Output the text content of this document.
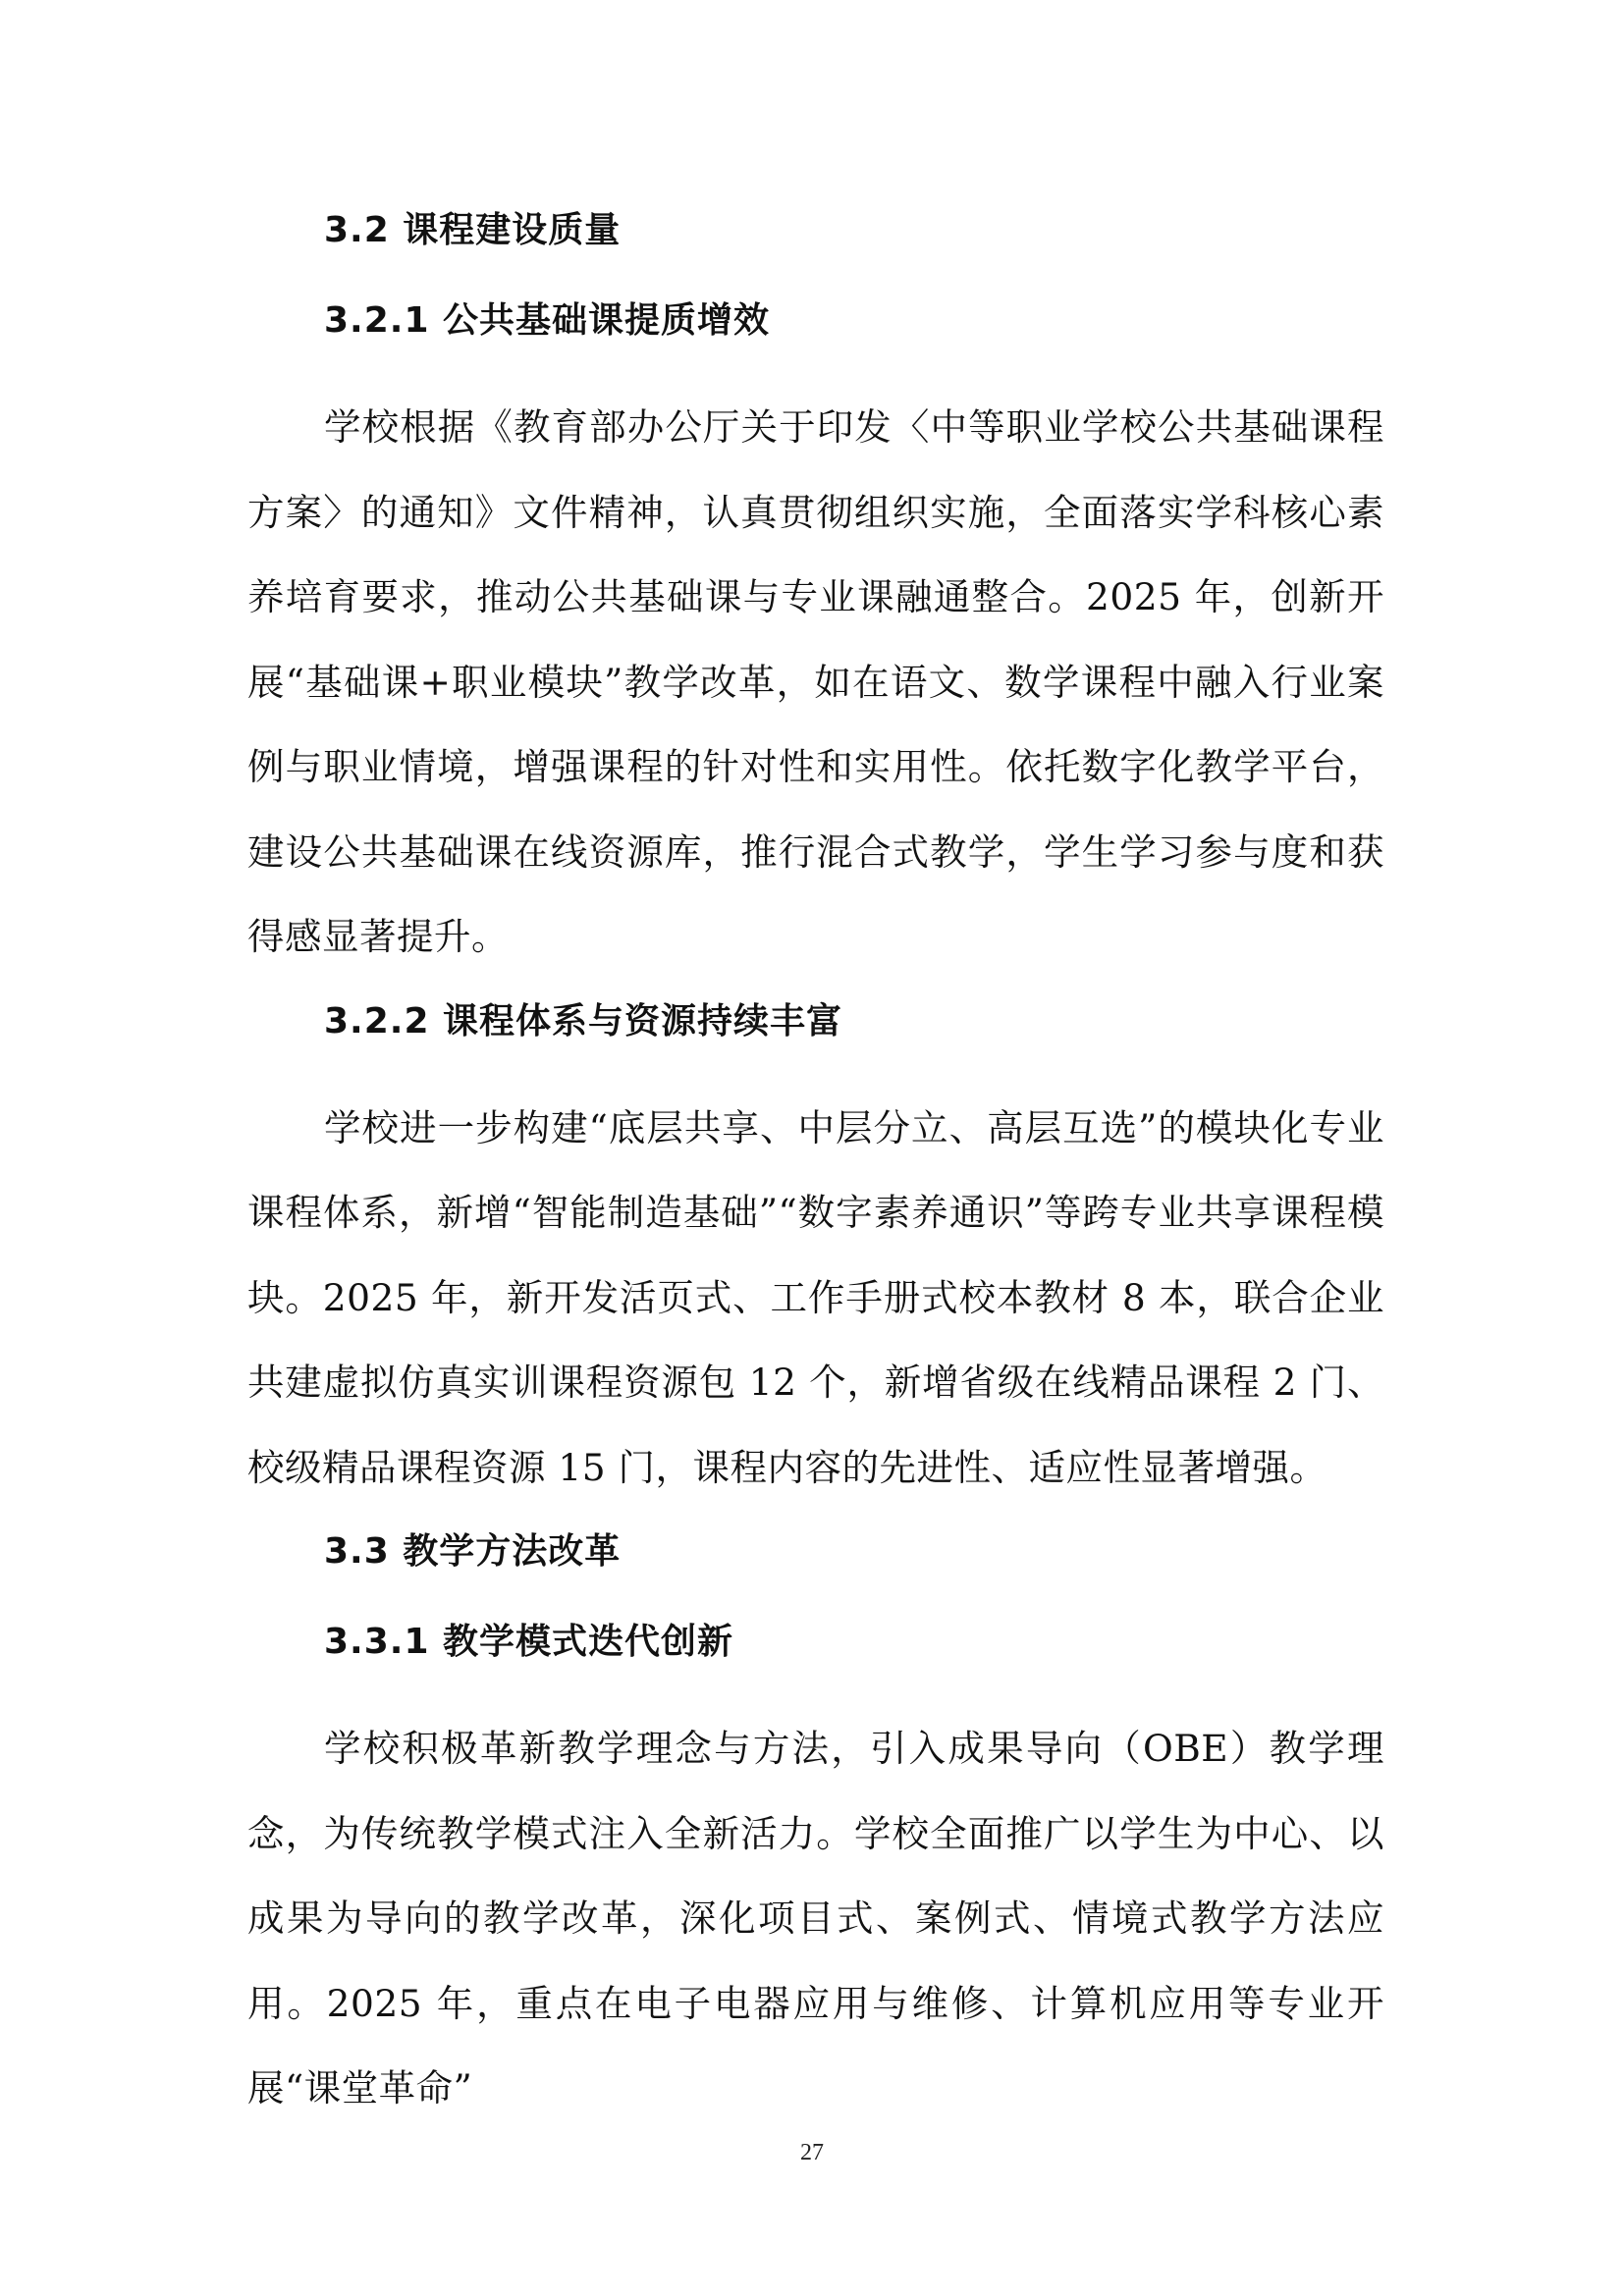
3.2 课程建设质量
3.2.1 公共基础课提质增效

学校根据《教育部办公厅关于印发〈中等职业学校公共基础课程方案〉的通知》文件精神，认真贯彻组织实施，全面落实学科核心素养培育要求，推动公共基础课与专业课融通整合。2025 年，创新开展“基础课+职业模块”教学改革，如在语文、数学课程中融入行业案例与职业情境，增强课程的针对性和实用性。依托数字化教学平台，建设公共基础课在线资源库，推行混合式教学，学生学习参与度和获得感显著提升。

3.2.2 课程体系与资源持续丰富

学校进一步构建“底层共享、中层分立、高层互选”的模块化专业课程体系，新增“智能制造基础”“数字素养通识”等跨专业共享课程模块。2025 年，新开发活页式、工作手册式校本教材 8 本，联合企业共建虚拟仿真实训课程资源包 12 个，新增省级在线精品课程 2 门、校级精品课程资源 15 门，课程内容的先进性、适应性显著增强。

3.3 教学方法改革
3.3.1 教学模式迭代创新

学校积极革新教学理念与方法，引入成果导向（OBE）教学理念，为传统教学模式注入全新活力。学校全面推广以学生为中心、以成果为导向的教学改革，深化项目式、案例式、情境式教学方法应用。2025 年，重点在电子电器应用与维修、计算机应用等专业开展“课堂革命”

27
